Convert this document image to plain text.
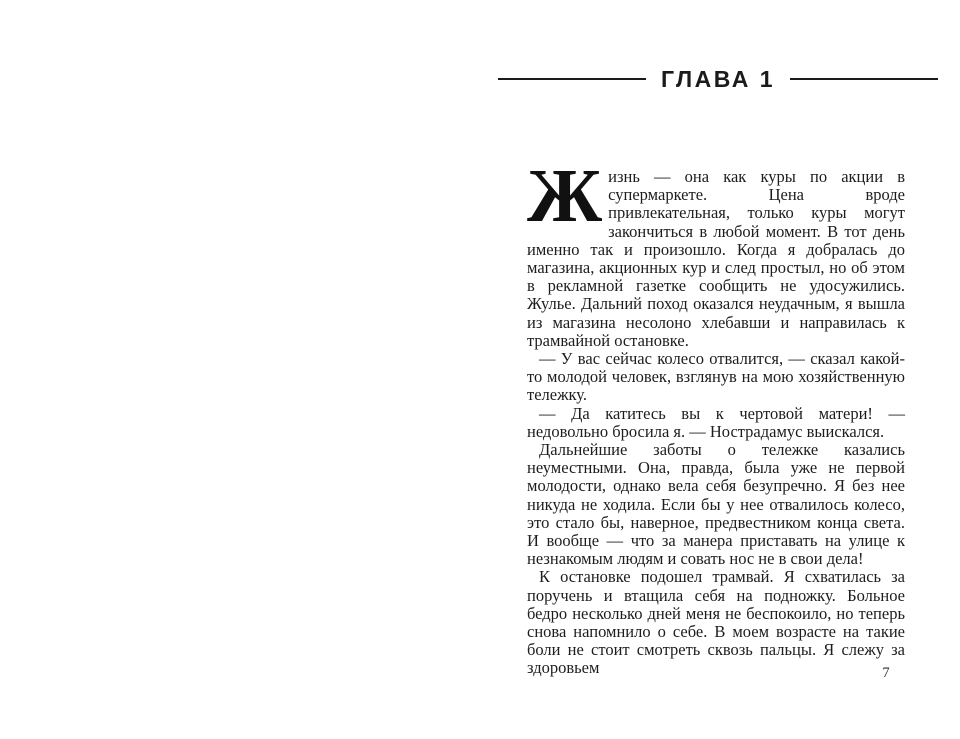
ГЛАВА 1

Жизнь — она как куры по акции в супермаркете. Цена вроде привлекательная, только куры могут закончиться в любой момент. В тот день именно так и произошло. Когда я добралась до магазина, акционных кур и след простыл, но об этом в рекламной газетке сообщить не удосужились. Жулье. Дальний поход оказался неудачным, я вышла из магазина несолоно хлебавши и направилась к трамвайной остановке.

— У вас сейчас колесо отвалится, — сказал какой-то молодой человек, взглянув на мою хозяйственную тележку.

— Да катитесь вы к чертовой матери! — недовольно бросила я. — Нострадамус выискался.

Дальнейшие заботы о тележке казались неуместными. Она, правда, была уже не первой молодости, однако вела себя безупречно. Я без нее никуда не ходила. Если бы у нее отвалилось колесо, это стало бы, наверное, предвестником конца света. И вообще — что за манера приставать на улице к незнакомым людям и совать нос не в свои дела!

К остановке подошел трамвай. Я схватилась за поручень и втащила себя на подножку. Больное бедро несколько дней меня не беспокоило, но теперь снова напомнило о себе. В моем возрасте на такие боли не стоит смотреть сквозь пальцы. Я слежу за здоровьем	7
